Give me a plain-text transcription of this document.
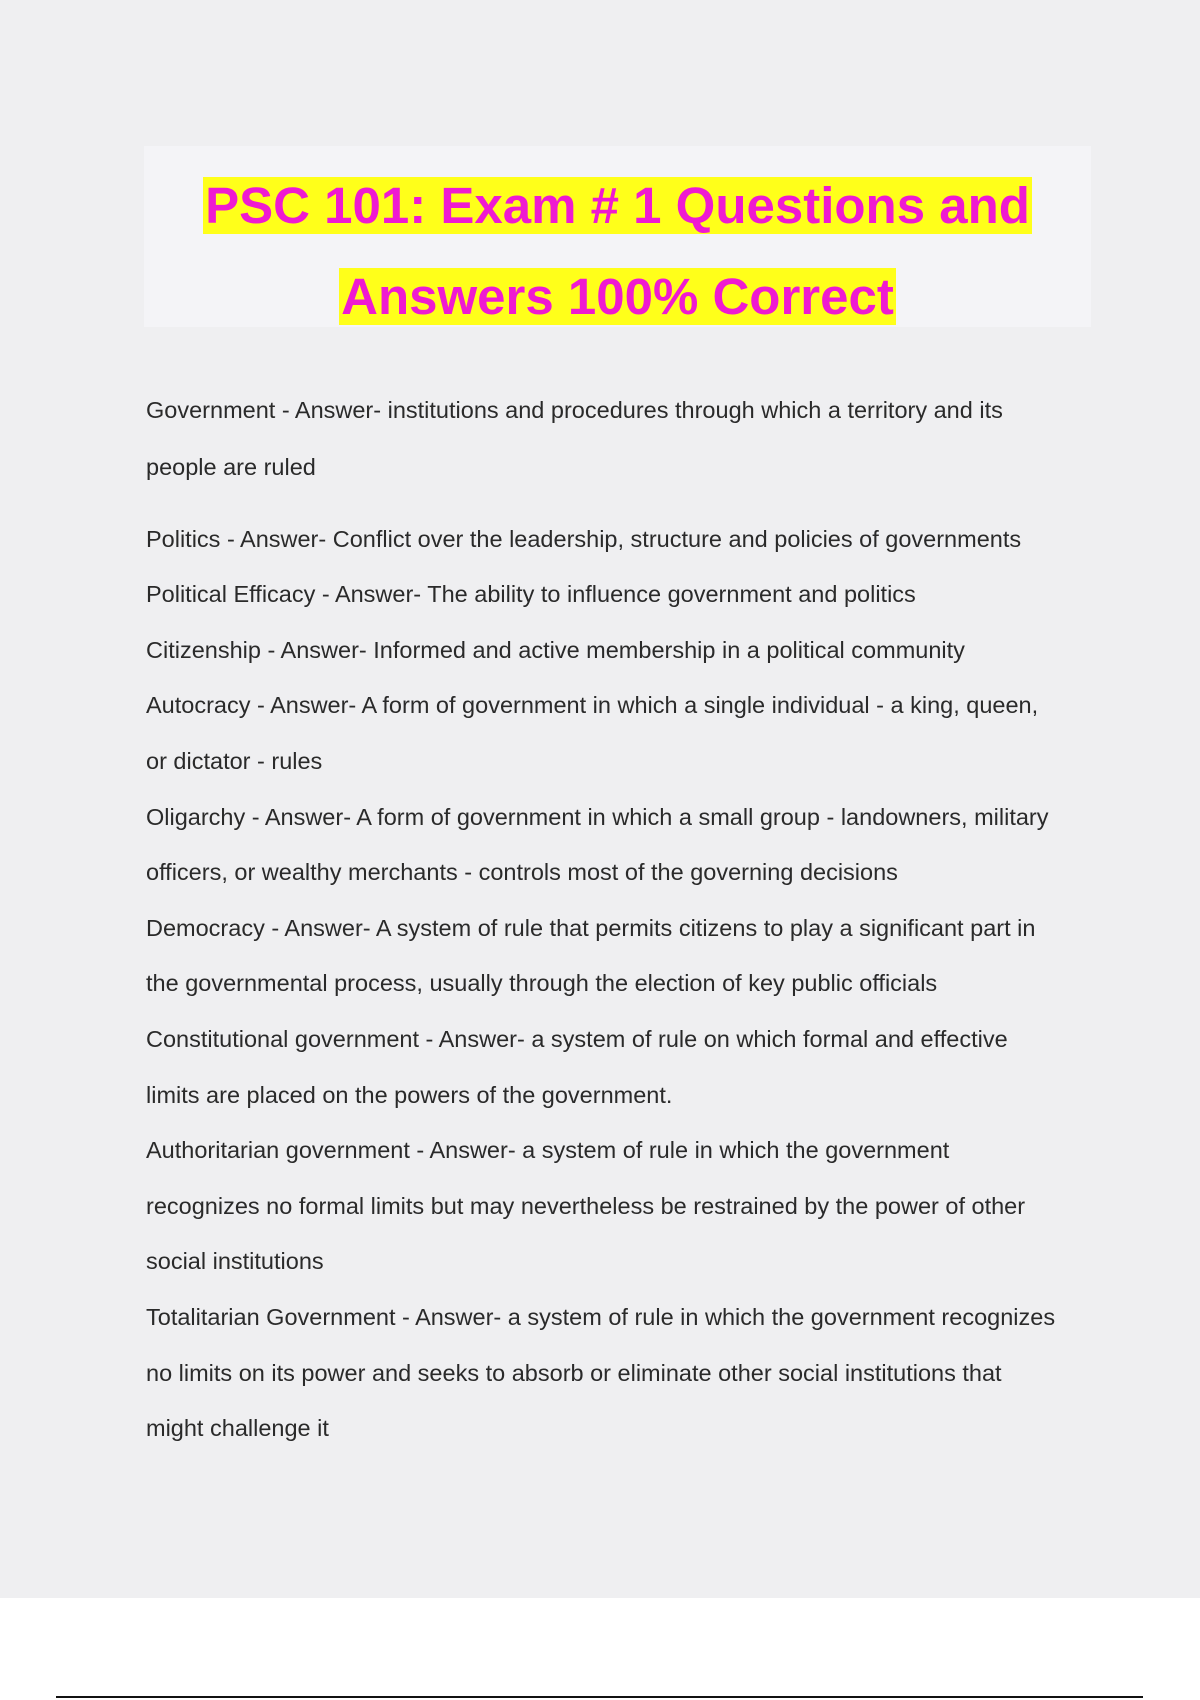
PSC 101: Exam # 1 Questions and
Answers 100% Correct
Government - Answer- institutions and procedures through which a territory and its
people are ruled
Politics - Answer- Conflict over the leadership, structure and policies of governments
Political Efficacy - Answer- The ability to influence government and politics
Citizenship - Answer- Informed and active membership in a political community
Autocracy - Answer- A form of government in which a single individual - a king, queen,
or dictator - rules
Oligarchy - Answer- A form of government in which a small group - landowners, military
officers, or wealthy merchants - controls most of the governing decisions
Democracy - Answer- A system of rule that permits citizens to play a significant part in
the governmental process, usually through the election of key public officials
Constitutional government - Answer- a system of rule on which formal and effective
limits are placed on the powers of the government.
Authoritarian government - Answer- a system of rule in which the government
recognizes no formal limits but may nevertheless be restrained by the power of other
social institutions
Totalitarian Government - Answer- a system of rule in which the government recognizes
no limits on its power and seeks to absorb or eliminate other social institutions that
might challenge it
